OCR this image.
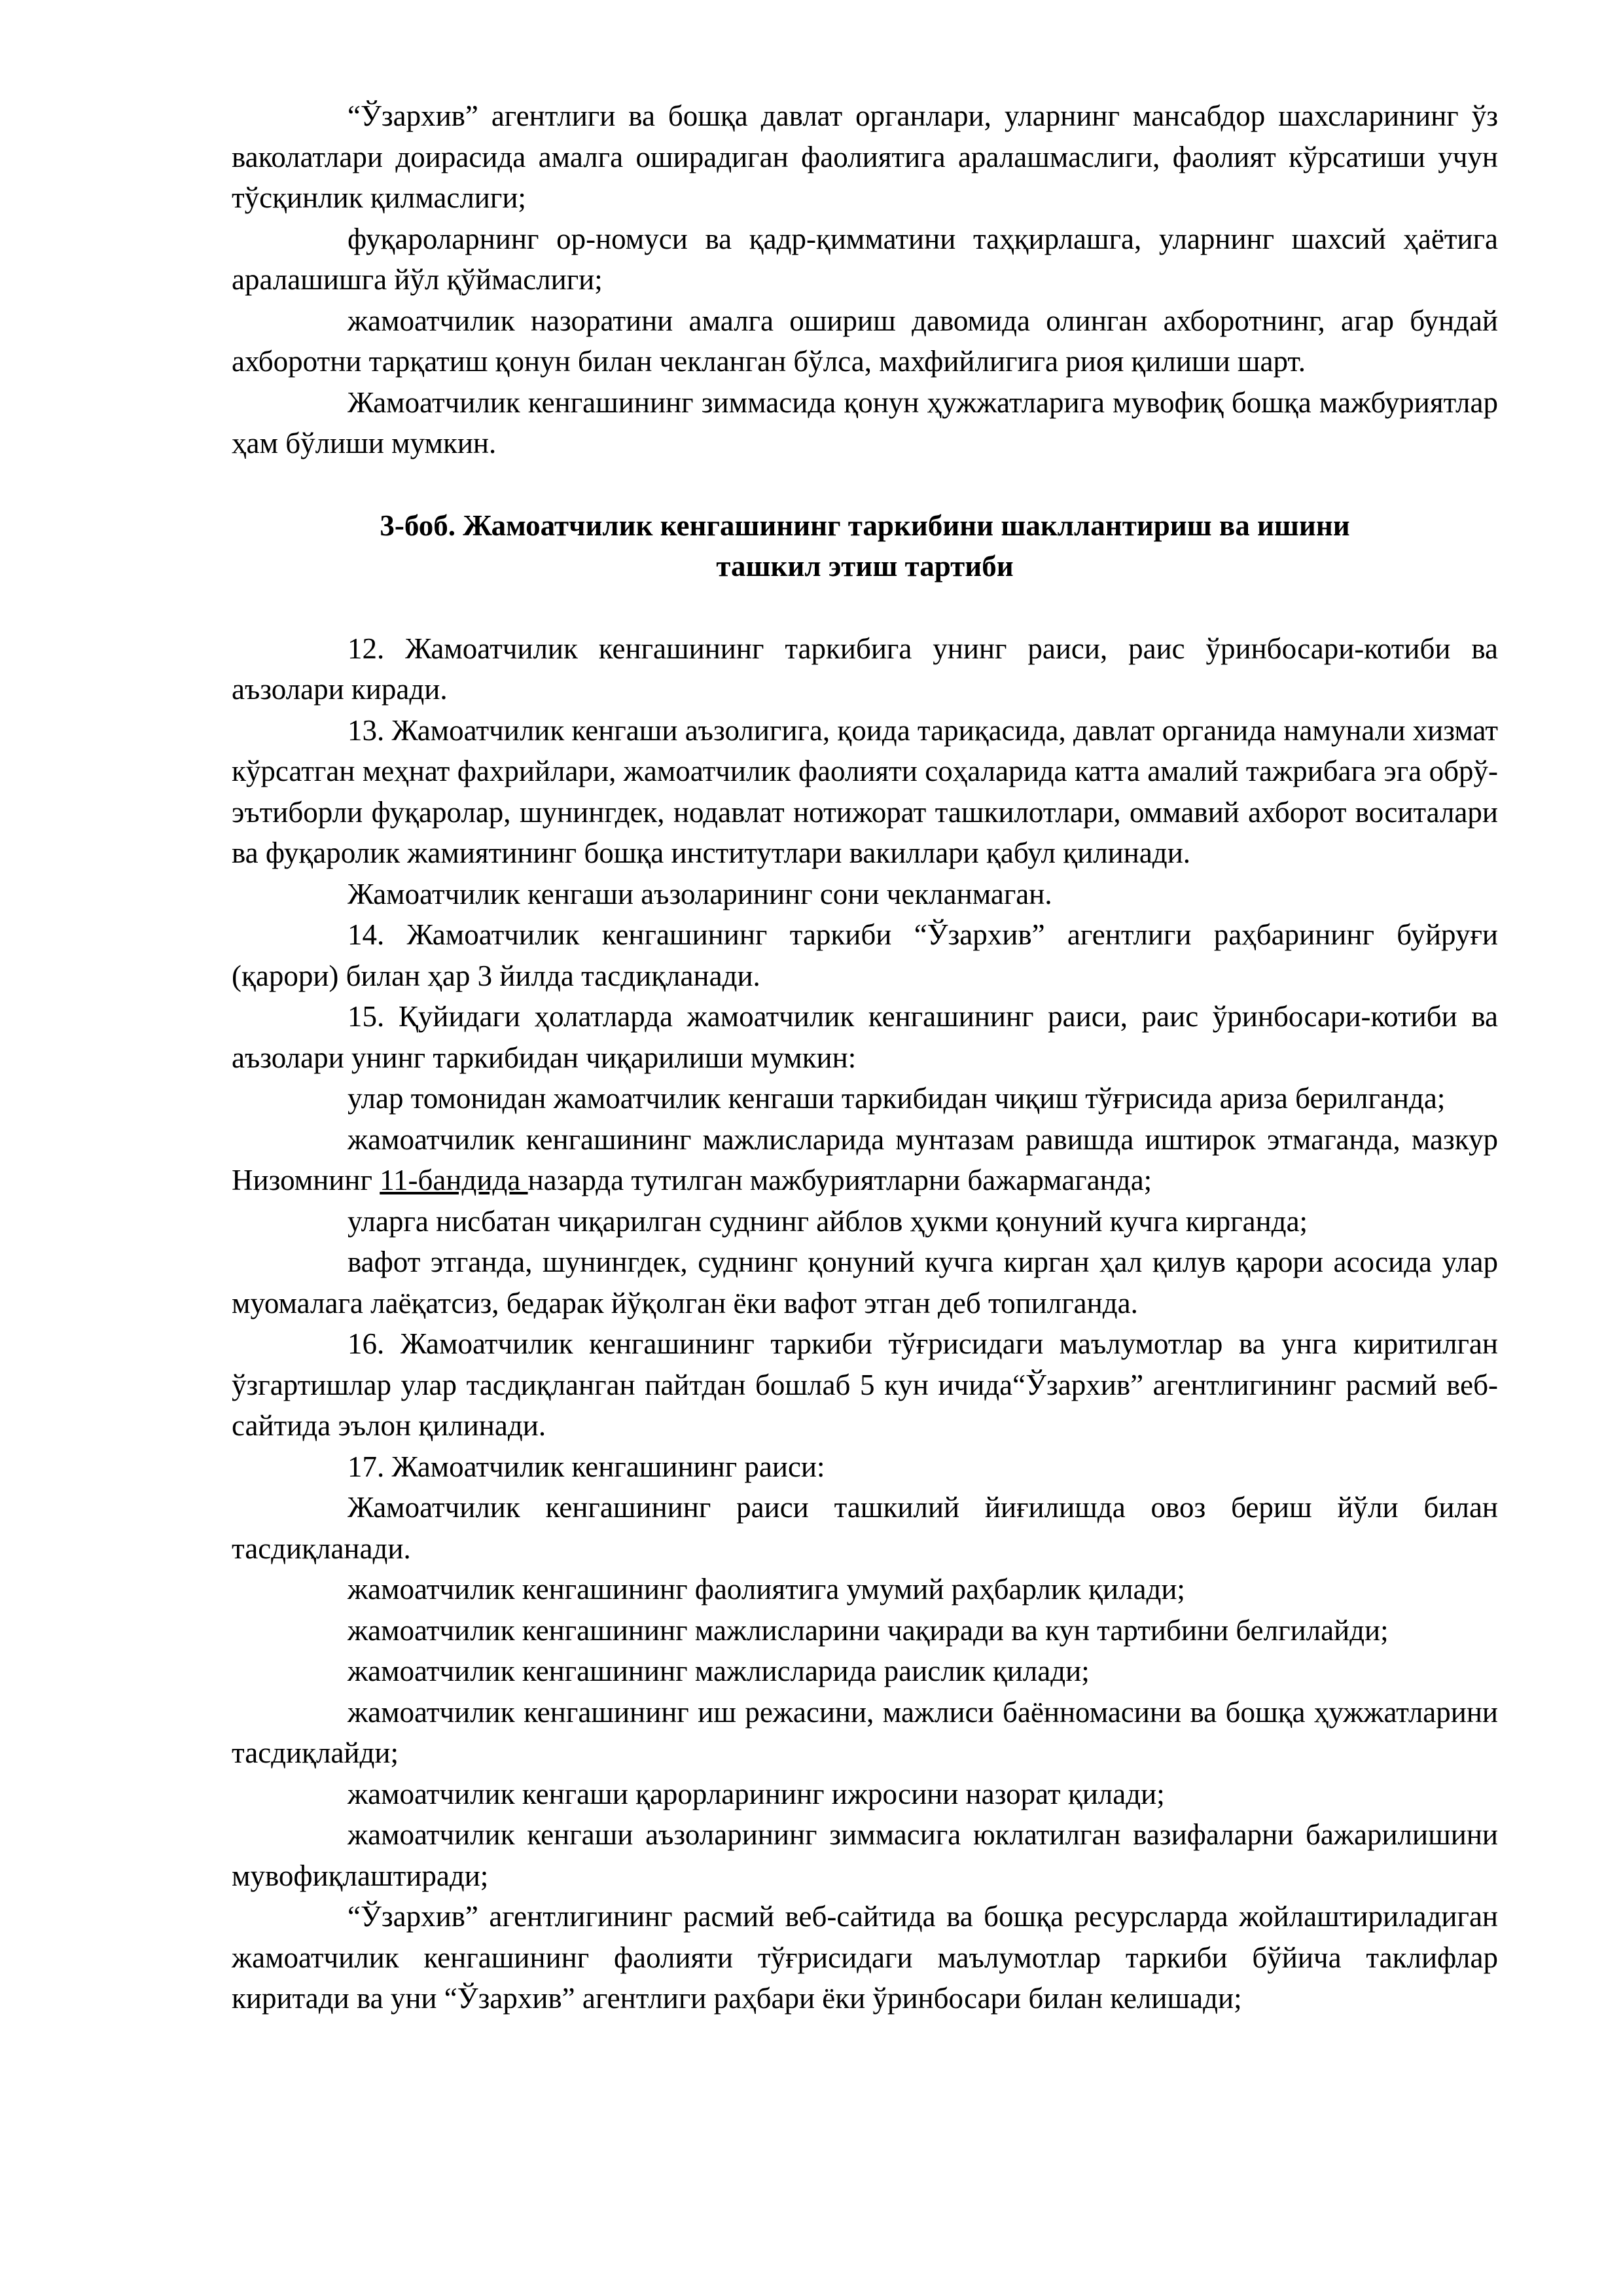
“Ўзархив” агентлиги ва бошқа давлат органлари, уларнинг мансабдор шахсларининг ўз ваколатлари доирасида амалга оширадиган фаолиятига аралашмаслиги, фаолият кўрсатиши учун тўсқинлик қилмаслиги;

фуқароларнинг ор-номуси ва қадр-қимматини таҳқирлашга, уларнинг шахсий ҳаётига аралашишга йўл қўймаслиги;

жамоатчилик назоратини амалга ошириш давомида олинган ахборотнинг, агар бундай ахборотни тарқатиш қонун билан чекланган бўлса, махфийлигига риоя қилиши шарт.

Жамоатчилик кенгашининг зиммасида қонун ҳужжатларига мувофиқ бошқа мажбуриятлар ҳам бўлиши мумкин.

3-боб. Жамоатчилик кенгашининг таркибини шакллантириш ва ишини
ташкил этиш тартиби

12. Жамоатчилик кенгашининг таркибига унинг раиси, раис ўринбосари-котиби ва аъзолари киради.

13. Жамоатчилик кенгаши аъзолигига, қоида тариқасида, давлат органида намунали хизмат кўрсатган меҳнат фахрийлари, жамоатчилик фаолияти соҳаларида катта амалий тажрибага эга обрў-эътиборли фуқаролар, шунингдек, нодавлат нотижорат ташкилотлари, оммавий ахборот воситалари ва фуқаролик жамиятининг бошқа институтлари вакиллари қабул қилинади.

Жамоатчилик кенгаши аъзоларининг сони чекланмаган.

14. Жамоатчилик кенгашининг таркиби “Ўзархив” агентлиги раҳбарининг буйруғи (қарори) билан ҳар 3 йилда тасдиқланади.

15. Қуйидаги ҳолатларда жамоатчилик кенгашининг раиси, раис ўринбосари-котиби ва аъзолари унинг таркибидан чиқарилиши мумкин:

улар томонидан жамоатчилик кенгаши таркибидан чиқиш тўғрисида ариза берилганда;

жамоатчилик кенгашининг мажлисларида мунтазам равишда иштирок этмаганда, мазкур Низомнинг 11-бандида назарда тутилган мажбуриятларни бажармаганда;

уларга нисбатан чиқарилган суднинг айблов ҳукми қонуний кучга кирганда;

вафот этганда, шунингдек, суднинг қонуний кучга кирган ҳал қилув қарори асосида улар муомалага лаёқатсиз, бедарак йўқолган ёки вафот этган деб топилганда.

16. Жамоатчилик кенгашининг таркиби тўғрисидаги маълумотлар ва унга киритилган ўзгартишлар улар тасдиқланган пайтдан бошлаб 5 кун ичида“Ўзархив” агентлигининг расмий веб-сайтида эълон қилинади.

17. Жамоатчилик кенгашининг раиси:

Жамоатчилик кенгашининг раиси ташкилий йиғилишда овоз бериш йўли билан тасдиқланади.

жамоатчилик кенгашининг фаолиятига умумий раҳбарлик қилади;

жамоатчилик кенгашининг мажлисларини чақиради ва кун тартибини белгилайди;

жамоатчилик кенгашининг мажлисларида раислик қилади;

жамоатчилик кенгашининг иш режасини, мажлиси баённомасини ва бошқа ҳужжатларини тасдиқлайди;

жамоатчилик кенгаши қарорларининг ижросини назорат қилади;

жамоатчилик кенгаши аъзоларининг зиммасига юклатилган вазифаларни бажарилишини мувофиқлаштиради;

“Ўзархив” агентлигининг расмий веб-сайтида ва бошқа ресурсларда жойлаштириладиган жамоатчилик кенгашининг фаолияти тўғрисидаги маълумотлар таркиби бўйича таклифлар киритади ва уни “Ўзархив” агентлиги раҳбари ёки ўринбосари билан келишади;
